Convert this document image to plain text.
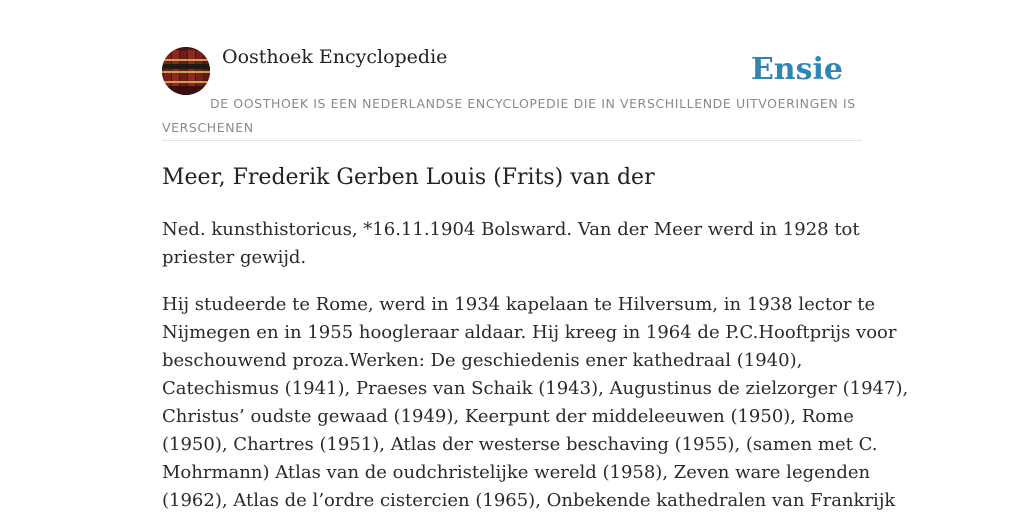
Oosthoek Encyclopedie	Ensie
DE OOSTHOEK IS EEN NEDERLANDSE ENCYCLOPEDIE DIE IN VERSCHILLENDE UITVOERINGEN IS VERSCHENEN
Meer, Frederik Gerben Louis (Frits) van der

Ned. kunsthistoricus, *16.11.1904 Bolsward. Van der Meer werd in 1928 tot
priester gewijd.

Hij studeerde te Rome, werd in 1934 kapelaan te Hilversum, in 1938 lector te
Nijmegen en in 1955 hoogleraar aldaar. Hij kreeg in 1964 de P.C.Hooftprijs voor
beschouwend proza.Werken: De geschiedenis ener kathedraal (1940),
Catechismus (1941), Praeses van Schaik (1943), Augustinus de zielzorger (1947),
Christus’ oudste gewaad (1949), Keerpunt der middeleeuwen (1950), Rome
(1950), Chartres (1951), Atlas der westerse beschaving (1955), (samen met C.
Mohrmann) Atlas van de oudchristelijke wereld (1958), Zeven ware legenden
(1962), Atlas de l’ordre cistercien (1965), Onbekende kathedralen van Frankrijk
